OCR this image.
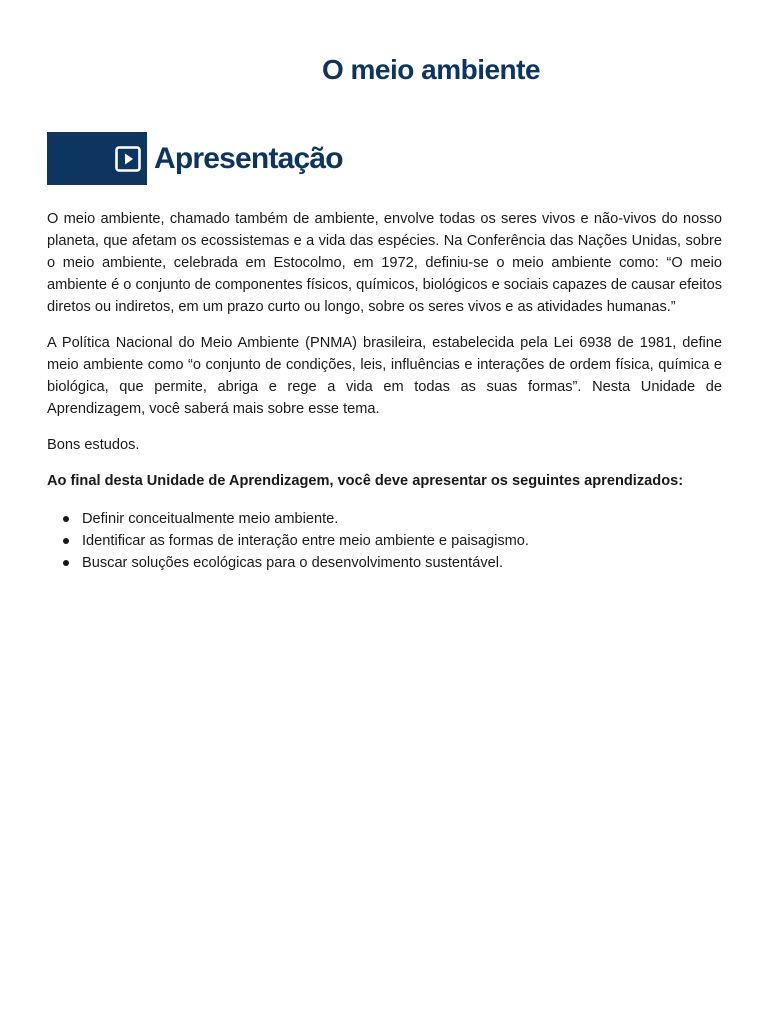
O meio ambiente
Apresentação

O meio ambiente, chamado também de ambiente, envolve todas os seres vivos e não-vivos do nosso planeta, que afetam os ecossistemas e a vida das espécies. Na Conferência das Nações Unidas, sobre o meio ambiente, celebrada em Estocolmo, em 1972, definiu-se o meio ambiente como: “O meio ambiente é o conjunto de componentes físicos, químicos, biológicos e sociais capazes de causar efeitos diretos ou indiretos, em um prazo curto ou longo, sobre os seres vivos e as atividades humanas.”

A Política Nacional do Meio Ambiente (PNMA) brasileira, estabelecida pela Lei 6938 de 1981, define meio ambiente como “o conjunto de condições, leis, influências e interações de ordem física, química e biológica, que permite, abriga e rege a vida em todas as suas formas”. Nesta Unidade de Aprendizagem, você saberá mais sobre esse tema.

Bons estudos.

Ao final desta Unidade de Aprendizagem, você deve apresentar os seguintes aprendizados:

Definir conceitualmente meio ambiente.
Identificar as formas de interação entre meio ambiente e paisagismo.
Buscar soluções ecológicas para o desenvolvimento sustentável.
